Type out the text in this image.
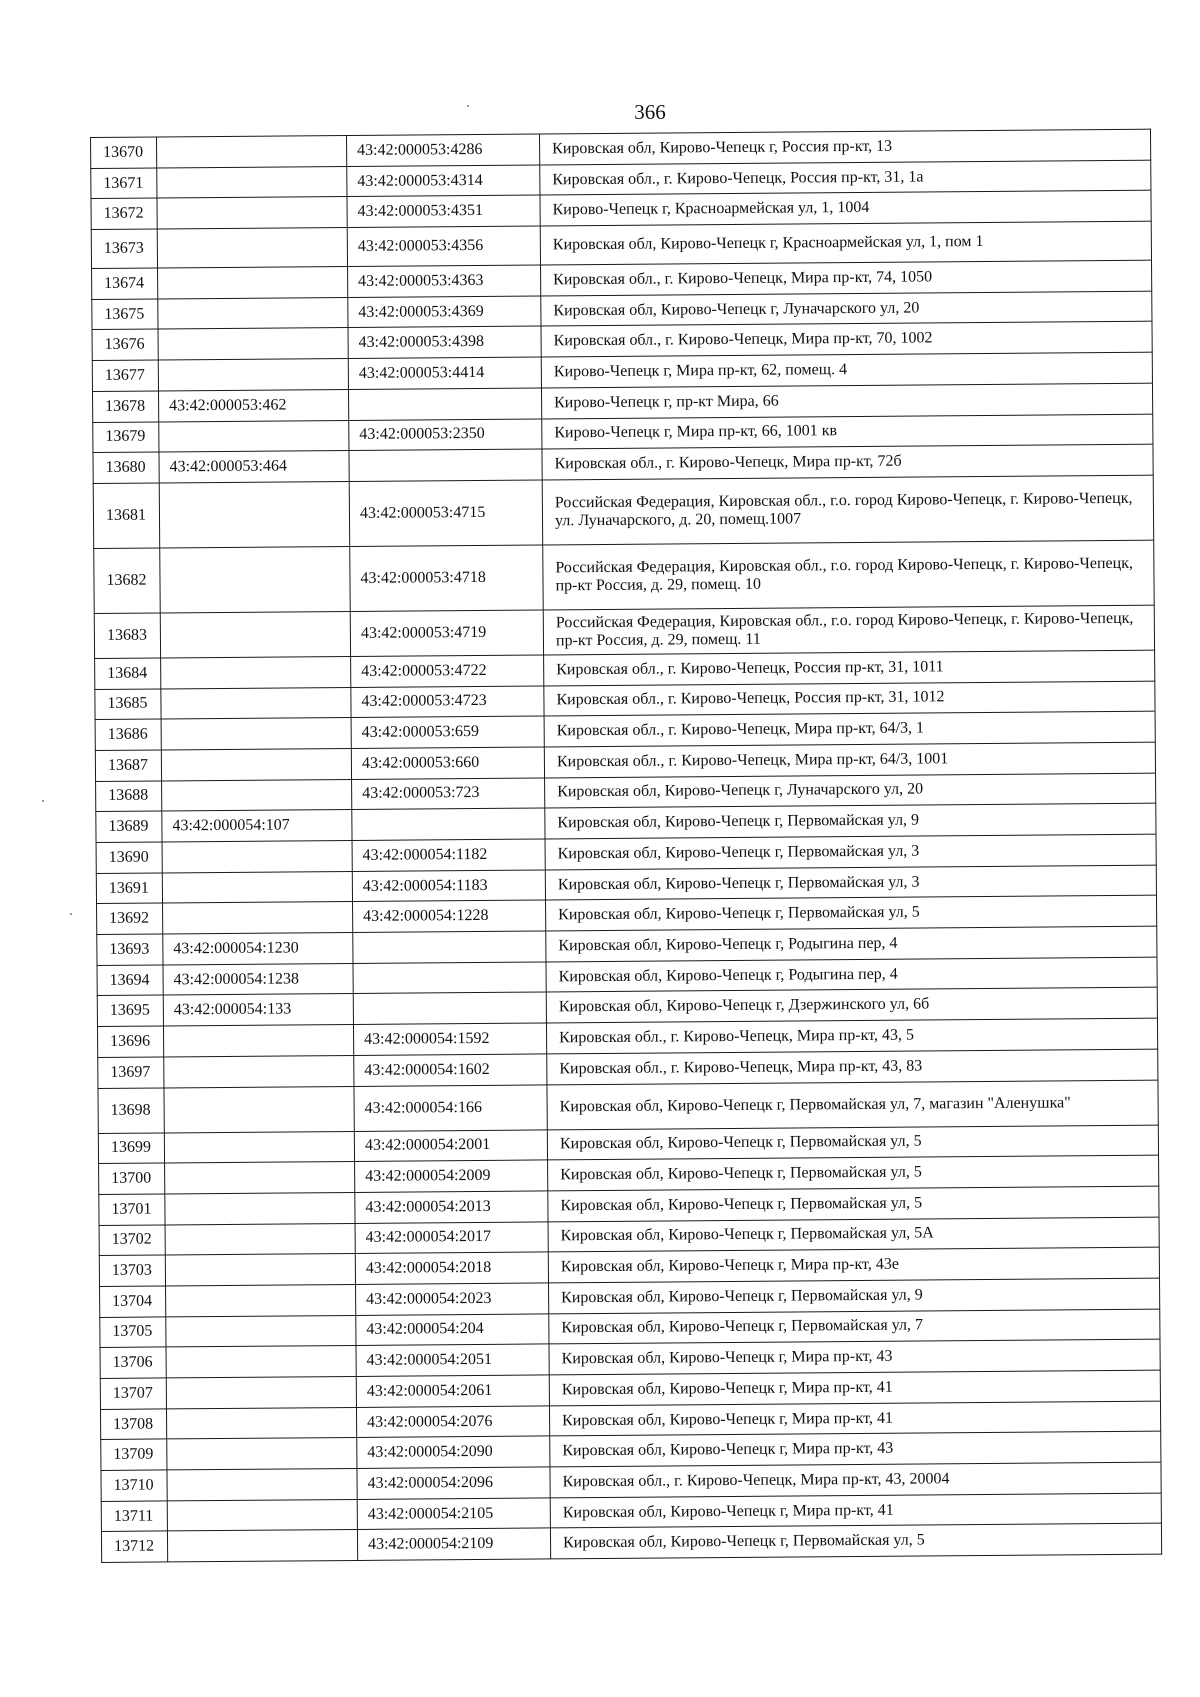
366
13670		43:42:000053:4286	Кировская обл, Кирово-Чепецк г, Россия пр-кт, 13
13671		43:42:000053:4314	Кировская обл., г. Кирово-Чепецк, Россия пр-кт, 31, 1а
13672		43:42:000053:4351	Кирово-Чепецк г, Красноармейская ул, 1, 1004
13673		43:42:000053:4356	Кировская обл, Кирово-Чепецк г, Красноармейская ул, 1, пом 1
13674		43:42:000053:4363	Кировская обл., г. Кирово-Чепецк, Мира пр-кт, 74, 1050
13675		43:42:000053:4369	Кировская обл, Кирово-Чепецк г, Луначарского ул, 20
13676		43:42:000053:4398	Кировская обл., г. Кирово-Чепецк, Мира пр-кт, 70, 1002
13677		43:42:000053:4414	Кирово-Чепецк г, Мира пр-кт, 62, помещ. 4
13678	43:42:000053:462		Кирово-Чепецк г, пр-кт Мира, 66
13679		43:42:000053:2350	Кирово-Чепецк г, Мира пр-кт, 66, 1001 кв
13680	43:42:000053:464		Кировская обл., г. Кирово-Чепецк, Мира пр-кт, 72б
13681		43:42:000053:4715	Российская Федерация, Кировская обл., г.о. город Кирово-Чепецк, г. Кирово-Чепецк, ул. Луначарского, д. 20, помещ.1007
13682		43:42:000053:4718	Российская Федерация, Кировская обл., г.о. город Кирово-Чепецк, г. Кирово-Чепецк, пр-кт Россия, д. 29, помещ. 10
13683		43:42:000053:4719	Российская Федерация, Кировская обл., г.о. город Кирово-Чепецк, г. Кирово-Чепецк, пр-кт Россия, д. 29, помещ. 11
13684		43:42:000053:4722	Кировская обл., г. Кирово-Чепецк, Россия пр-кт, 31, 1011
13685		43:42:000053:4723	Кировская обл., г. Кирово-Чепецк, Россия пр-кт, 31, 1012
13686		43:42:000053:659	Кировская обл., г. Кирово-Чепецк, Мира пр-кт, 64/3, 1
13687		43:42:000053:660	Кировская обл., г. Кирово-Чепецк, Мира пр-кт, 64/3, 1001
13688		43:42:000053:723	Кировская обл, Кирово-Чепецк г, Луначарского ул, 20
13689	43:42:000054:107		Кировская обл, Кирово-Чепецк г, Первомайская ул, 9
13690		43:42:000054:1182	Кировская обл, Кирово-Чепецк г, Первомайская ул, 3
13691		43:42:000054:1183	Кировская обл, Кирово-Чепецк г, Первомайская ул, 3
13692		43:42:000054:1228	Кировская обл, Кирово-Чепецк г, Первомайская ул, 5
13693	43:42:000054:1230		Кировская обл, Кирово-Чепецк г, Родыгина пер, 4
13694	43:42:000054:1238		Кировская обл, Кирово-Чепецк г, Родыгина пер, 4
13695	43:42:000054:133		Кировская обл, Кирово-Чепецк г, Дзержинского ул, 6б
13696		43:42:000054:1592	Кировская обл., г. Кирово-Чепецк, Мира пр-кт, 43, 5
13697		43:42:000054:1602	Кировская обл., г. Кирово-Чепецк, Мира пр-кт, 43, 83
13698		43:42:000054:166	Кировская обл, Кирово-Чепецк г, Первомайская ул, 7, магазин "Аленушка"
13699		43:42:000054:2001	Кировская обл, Кирово-Чепецк г, Первомайская ул, 5
13700		43:42:000054:2009	Кировская обл, Кирово-Чепецк г, Первомайская ул, 5
13701		43:42:000054:2013	Кировская обл, Кирово-Чепецк г, Первомайская ул, 5
13702		43:42:000054:2017	Кировская обл, Кирово-Чепецк г, Первомайская ул, 5А
13703		43:42:000054:2018	Кировская обл, Кирово-Чепецк г, Мира пр-кт, 43е
13704		43:42:000054:2023	Кировская обл, Кирово-Чепецк г, Первомайская ул, 9
13705		43:42:000054:204	Кировская обл, Кирово-Чепецк г, Первомайская ул, 7
13706		43:42:000054:2051	Кировская обл, Кирово-Чепецк г, Мира пр-кт, 43
13707		43:42:000054:2061	Кировская обл, Кирово-Чепецк г, Мира пр-кт, 41
13708		43:42:000054:2076	Кировская обл, Кирово-Чепецк г, Мира пр-кт, 41
13709		43:42:000054:2090	Кировская обл, Кирово-Чепецк г, Мира пр-кт, 43
13710		43:42:000054:2096	Кировская обл., г. Кирово-Чепецк, Мира пр-кт, 43, 20004
13711		43:42:000054:2105	Кировская обл, Кирово-Чепецк г, Мира пр-кт, 41
13712		43:42:000054:2109	Кировская обл, Кирово-Чепецк г, Первомайская ул, 5
